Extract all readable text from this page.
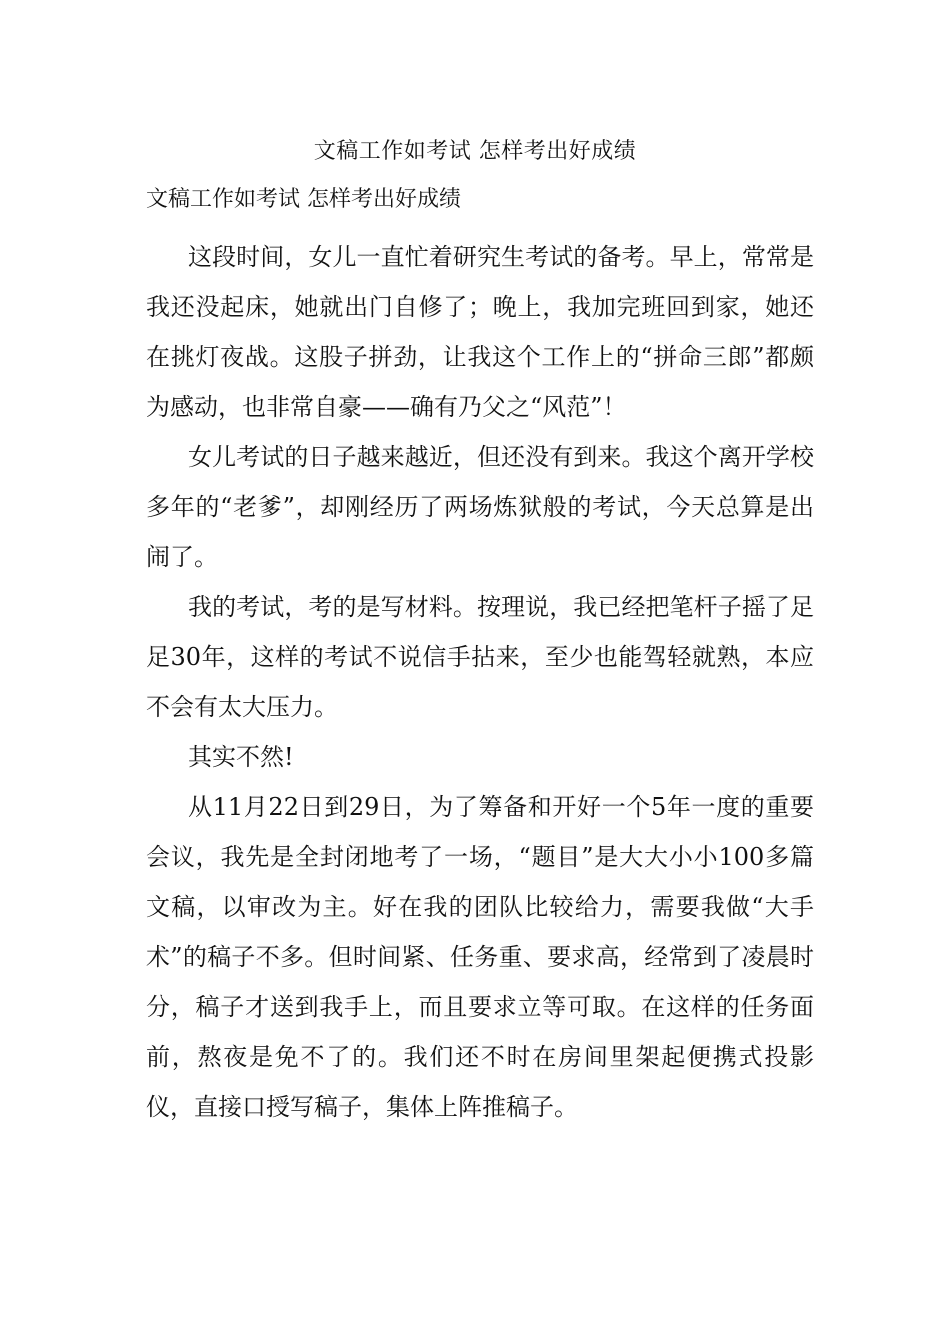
文稿工作如考试 怎样考出好成绩

文稿工作如考试 怎样考出好成绩

这段时间，女儿一直忙着研究生考试的备考。早上，常常是我还没起床，她就出门自修了；晚上，我加完班回到家，她还在挑灯夜战。这股子拼劲，让我这个工作上的“拼命三郎”都颇为感动，也非常自豪——确有乃父之“风范”！

女儿考试的日子越来越近，但还没有到来。我这个离开学校多年的“老爹”，却刚经历了两场炼狱般的考试，今天总算是出闹了。

我的考试，考的是写材料。按理说，我已经把笔杆子摇了足足30年，这样的考试不说信手拈来，至少也能驾轻就熟，本应不会有太大压力。

其实不然!

从11月22日到29日，为了筹备和开好一个5年一度的重要会议，我先是全封闭地考了一场，“题目”是大大小小100多篇文稿，以审改为主。好在我的团队比较给力，需要我做“大手术”的稿子不多。但时间紧、任务重、要求高，经常到了凌晨时分，稿子才送到我手上，而且要求立等可取。在这样的任务面前，熬夜是免不了的。我们还不时在房间里架起便携式投影仪，直接口授写稿子，集体上阵推稿子。
